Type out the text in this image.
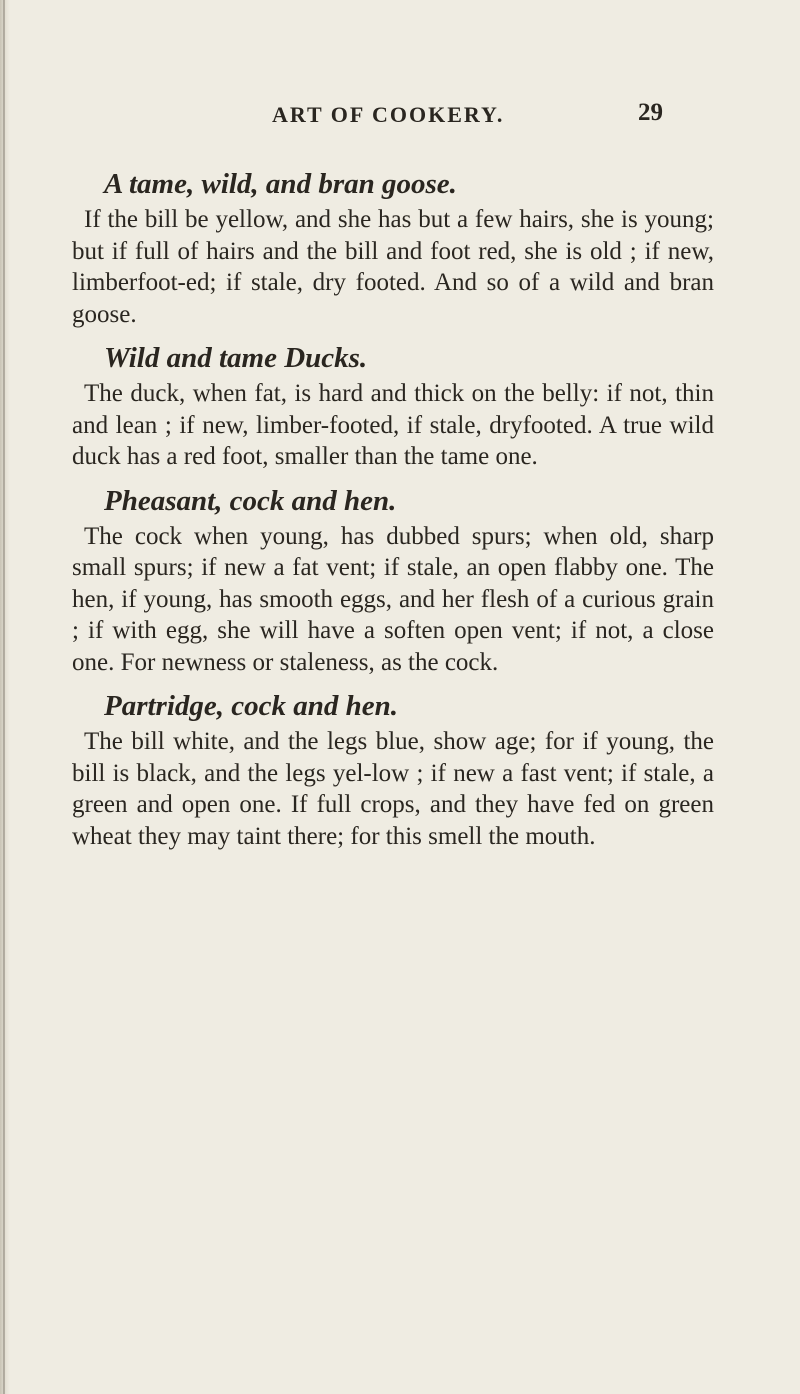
ART OF COOKERY.	29
A tame, wild, and bran goose.

If the bill be yellow, and she has but a few hairs, she is young; but if full of hairs and the bill and foot red, she is old ; if new, limberfoot-ed; if stale, dry footed. And so of a wild and bran goose.

Wild and tame Ducks.

The duck, when fat, is hard and thick on the belly: if not, thin and lean ; if new, limber-footed, if stale, dryfooted. A true wild duck has a red foot, smaller than the tame one.

Pheasant, cock and hen.

The cock when young, has dubbed spurs; when old, sharp small spurs; if new a fat vent; if stale, an open flabby one. The hen, if young, has smooth eggs, and her flesh of a curious grain ; if with egg, she will have a soften open vent; if not, a close one. For newness or staleness, as the cock.

Partridge, cock and hen.

The bill white, and the legs blue, show age; for if young, the bill is black, and the legs yel-low ; if new a fast vent; if stale, a green and open one. If full crops, and they have fed on green wheat they may taint there; for this smell the mouth.
